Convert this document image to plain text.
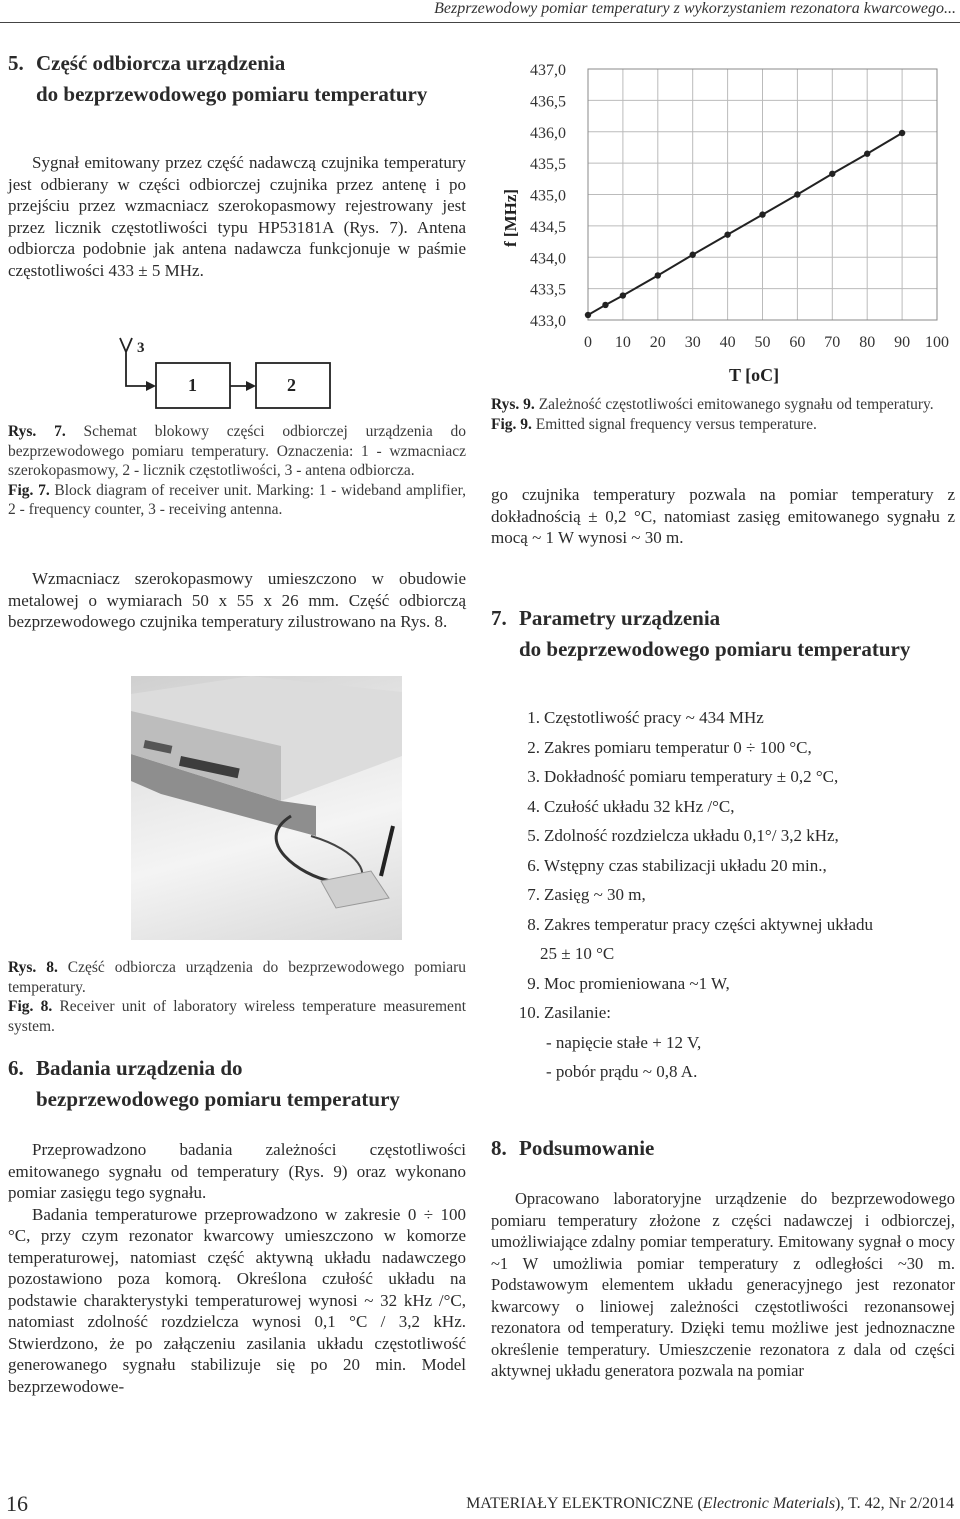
Bezprzewodowy pomiar temperatury z wykorzystaniem rezonatora kwarcowego...
5. Część odbiorcza urządzenia
do bezprzewodowego pomiaru temperatury

Sygnał emitowany przez część nadawczą czujnika temperatury jest odbierany w części odbiorczej czujnika przez antenę i po przejściu przez wzmacniacz szerokopasmowy rejestrowany jest przez licznik częstotliwości typu HP53181A (Rys. 7). Antena odbiorcza podobnie jak antena nadawcza funkcjonuje w paśmie częstotliwości 433 ± 5 MHz.

3
1	2

Rys. 7. Schemat blokowy części odbiorczej urządzenia do bezprzewodowego pomiaru temperatury. Oznaczenia: 1 - wzmacniacz szerokopasmowy, 2 - licznik częstotliwości, 3 - antena odbiorcza.

Fig. 7. Block diagram of receiver unit. Marking: 1 - wideband amplifier, 2 - frequency counter, 3 - receiving antenna.

Wzmacniacz szerokopasmowy umieszczono w obudowie metalowej o wymiarach 50 x 55 x 26 mm. Część odbiorczą bezprzewodowego czujnika temperatury zilustrowano na Rys. 8.

Rys. 8. Część odbiorcza urządzenia do bezprzewodowego pomiaru temperatury.

Fig. 8. Receiver unit of laboratory wireless temperature measurement system.

6. Badania urządzenia do
bezprzewodowego pomiaru temperatury

Przeprowadzono badania zależności częstotliwości emitowanego sygnału od temperatury (Rys. 9) oraz wykonano pomiar zasięgu tego sygnału.

Badania temperaturowe przeprowadzono w zakresie 0 ÷ 100 °C, przy czym rezonator kwarcowy umieszczono w komorze temperaturowej, natomiast część aktywną układu nadawczego pozostawiono poza komorą. Określona czułość układu na podstawie charakterystyki temperaturowej wynosi ~ 32 kHz /°C, natomiast zdolność rozdzielcza wynosi 0,1 °C / 3,2 kHz. Stwierdzono, że po załączeniu zasilania układu częstotliwość generowanego sygnału stabilizuje się po 20 min. Model bezprzewodowe-

433,0
433,5
434,0
434,5
435,0
435,5
436,0
436,5
437,0
0 10 20 30 40 50 60 70 80 90 100
f [MHz]
T [oC]

Rys. 9. Zależność częstotliwości emitowanego sygnału od temperatury.

Fig. 9. Emitted signal frequency versus temperature.

go czujnika temperatury pozwala na pomiar temperatury z dokładnością ± 0,2 °C, natomiast zasięg emitowanego sygnału z mocą ~ 1 W wynosi ~ 30 m.

7. Parametry urządzenia
do bezprzewodowego pomiaru temperatury
1. Częstotliwość pracy ~ 434 MHz
2. Zakres pomiaru temperatur 0 ÷ 100 °C,
3. Dokładność pomiaru temperatury ± 0,2 °C,
4. Czułość układu 32 kHz /°C,
5. Zdolność rozdzielcza układu 0,1°/ 3,2 kHz,
6. Wstępny czas stabilizacji układu 20 min.,
7. Zasięg ~ 30 m,
8. Zakres temperatur pracy części aktywnej układu
25 ± 10 °C
9. Moc promieniowana ~1 W,
10. Zasilanie:
- napięcie stałe + 12 V,
- pobór prądu ~ 0,8 A.
8. Podsumowanie

Opracowano laboratoryjne urządzenie do bezprzewodowego pomiaru temperatury złożone z części nadawczej i odbiorczej, umożliwiające zdalny pomiar temperatury. Emitowany sygnał o mocy ~1 W umożliwia pomiar temperatury z odległości ~30 m. Podstawowym elementem układu generacyjnego jest rezonator kwarcowy o liniowej zależności częstotliwości rezonansowej rezonatora od temperatury. Dzięki temu możliwe jest jednoznaczne określenie temperatury. Umieszczenie rezonatora z dala od części aktywnej układu generatora pozwala na pomiar

16	MATERIAŁY ELEKTRONICZNE (Electronic Materials), T. 42, Nr 2/2014
